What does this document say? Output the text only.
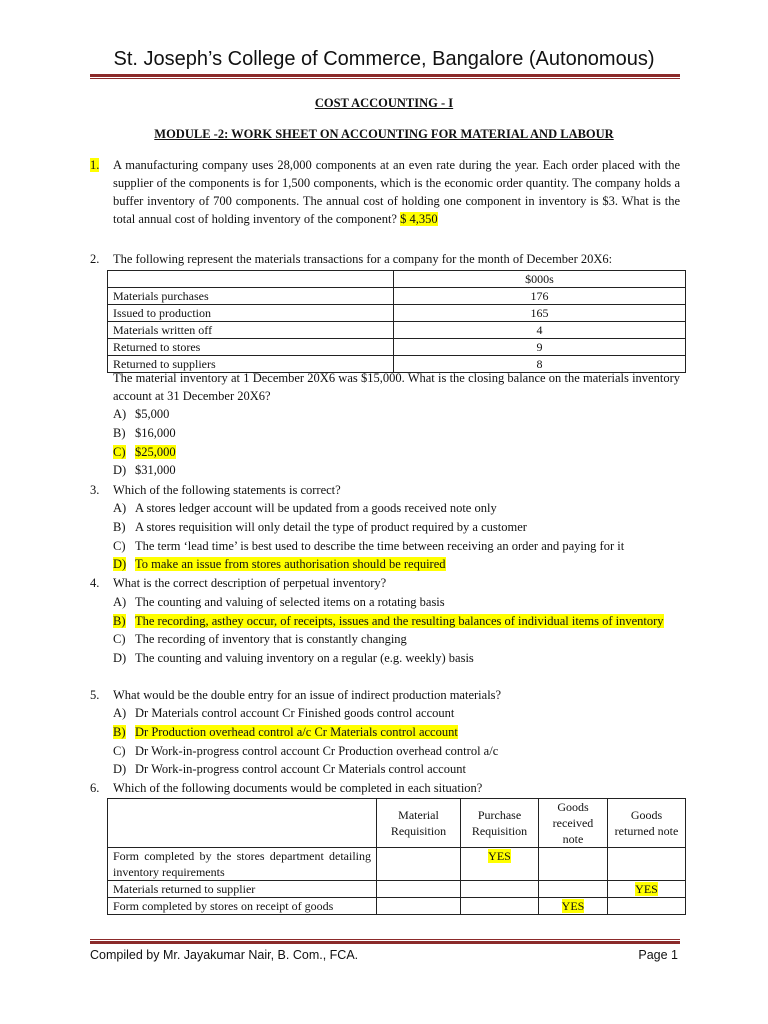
St. Joseph’s College of Commerce, Bangalore (Autonomous)
COST ACCOUNTING - I
MODULE -2: WORK SHEET ON ACCOUNTING FOR MATERIAL AND LABOUR
1.	A manufacturing company uses 28,000 components at an even rate during the year. Each order placed with the supplier of the components is for 1,500 components, which is the economic order quantity. The company holds a buffer inventory of 700 components. The annual cost of holding one component in inventory is $3. What is the total annual cost of holding inventory of the component? $ 4,350
2.	The following represent the materials transactions for a company for the month of December 20X6:
	$000s
Materials purchases	176
Issued to production	165
Materials written off	4
Returned to stores	9
Returned to suppliers	8
The material inventory at 1 December 20X6 was $15,000. What is the closing balance on the materials inventory account at 31 December 20X6?
A) $5,000
B) $16,000
C) $25,000
D) $31,000
3.	Which of the following statements is correct?
A) A stores ledger account will be updated from a goods received note only
B) A stores requisition will only detail the type of product required by a customer
C) The term ‘lead time’ is best used to describe the time between receiving an order and paying for it
D) To make an issue from stores authorisation should be required
4.	What is the correct description of perpetual inventory?
A) The counting and valuing of selected items on a rotating basis
B) The recording, asthey occur, of receipts, issues and the resulting balances of individual items of inventory
C) The recording of inventory that is constantly changing
D) The counting and valuing inventory on a regular (e.g. weekly) basis
5.	What would be the double entry for an issue of indirect production materials?
A) Dr Materials control account Cr Finished goods control account
B) Dr Production overhead control a/c Cr Materials control account
C) Dr Work-in-progress control account Cr Production overhead control a/c
D) Dr Work-in-progress control account Cr Materials control account
6.	Which of the following documents would be completed in each situation?
	Material Requisition	Purchase Requisition	Goods received note	Goods returned note
Form completed by the stores department detailing inventory requirements		YES		
Materials returned to supplier				YES
Form completed by stores on receipt of goods			YES	
Compiled by Mr. Jayakumar Nair, B. Com., FCA.	Page 1
